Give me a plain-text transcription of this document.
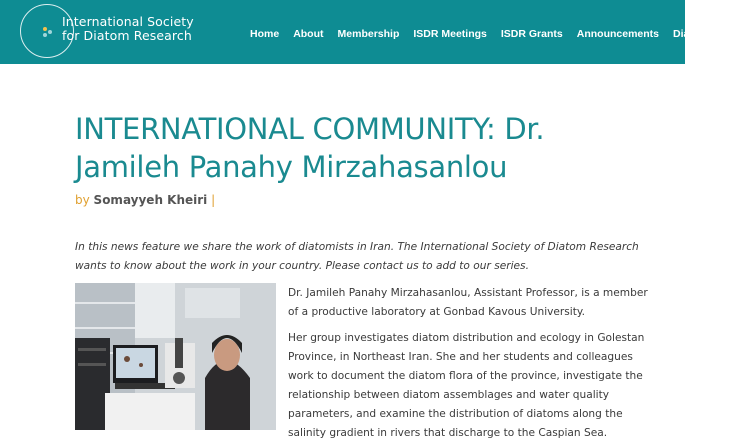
International Society
for Diatom Research	Home About Membership ISDR Meetings ISDR Grants Announcements Diatom C
INTERNATIONAL COMMUNITY: Dr. Jamileh Panahy Mirzahasanlou
by Somayyeh Kheiri |

In this news feature we share the work of diatomists in Iran. The International Society of Diatom Research wants to know about the work in your country. Please contact us to add to our series.

Dr. Jamileh Panahy Mirzahasanlou, Assistant Professor, is a member of a productive laboratory at Gonbad Kavous University.

Her group investigates diatom distribution and ecology in Golestan Province, in Northeast Iran. She and her students and colleagues work to document the diatom flora of the province, investigate the relationship between diatom assemblages and water quality parameters, and examine the distribution of diatoms along the salinity gradient in rivers that discharge to the Caspian Sea.
